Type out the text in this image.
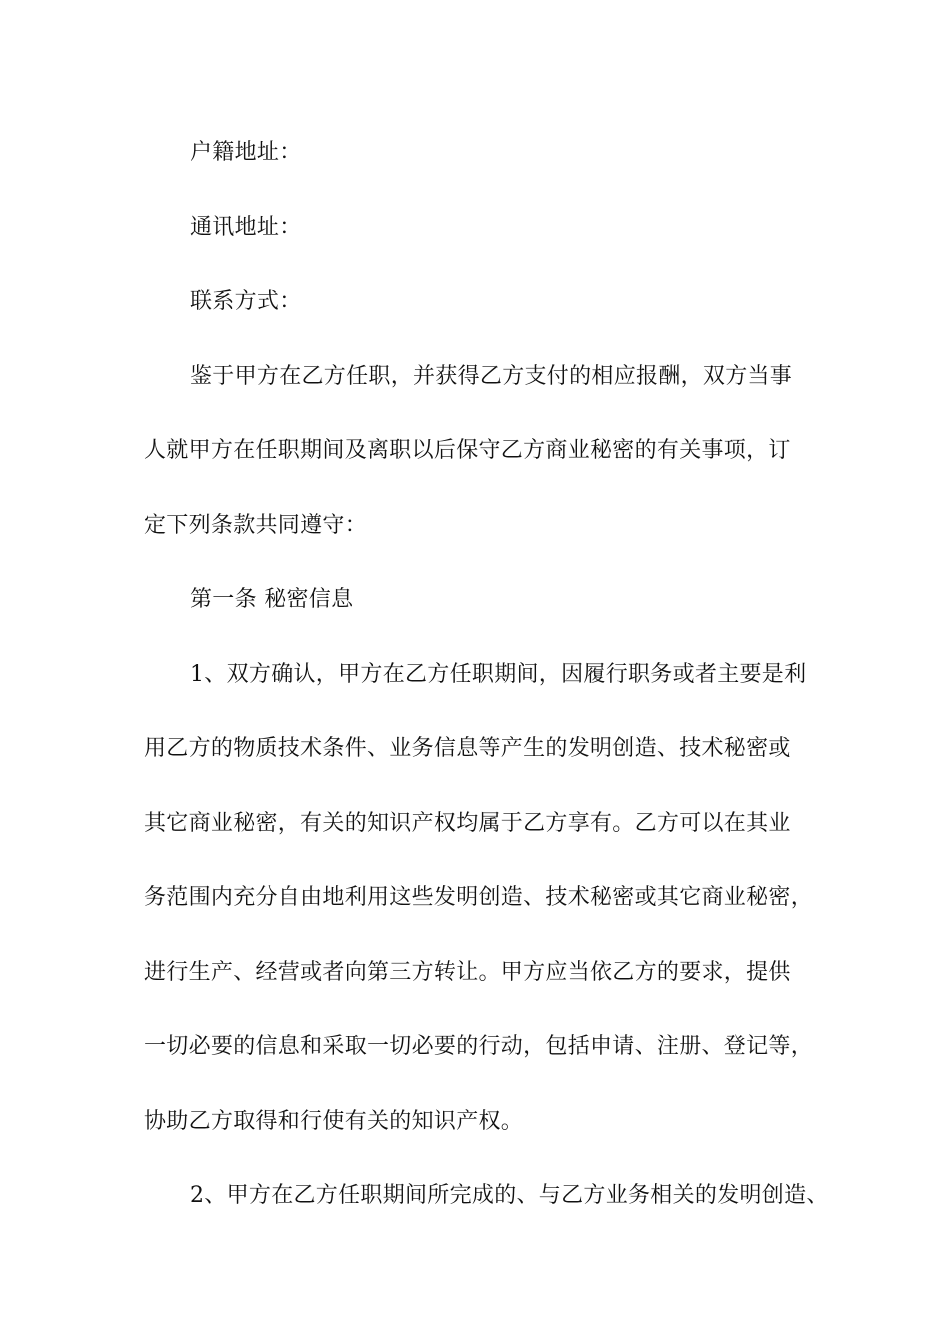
户籍地址：
通讯地址：
联系方式：
鉴于甲方在乙方任职，并获得乙方支付的相应报酬，双方当事
人就甲方在任职期间及离职以后保守乙方商业秘密的有关事项，订
定下列条款共同遵守：
第一条 秘密信息
1、双方确认，甲方在乙方任职期间，因履行职务或者主要是利
用乙方的物质技术条件、业务信息等产生的发明创造、技术秘密或
其它商业秘密，有关的知识产权均属于乙方享有。乙方可以在其业
务范围内充分自由地利用这些发明创造、技术秘密或其它商业秘密，
进行生产、经营或者向第三方转让。甲方应当依乙方的要求，提供
一切必要的信息和采取一切必要的行动，包括申请、注册、登记等，
协助乙方取得和行使有关的知识产权。
2、甲方在乙方任职期间所完成的、与乙方业务相关的发明创造、
